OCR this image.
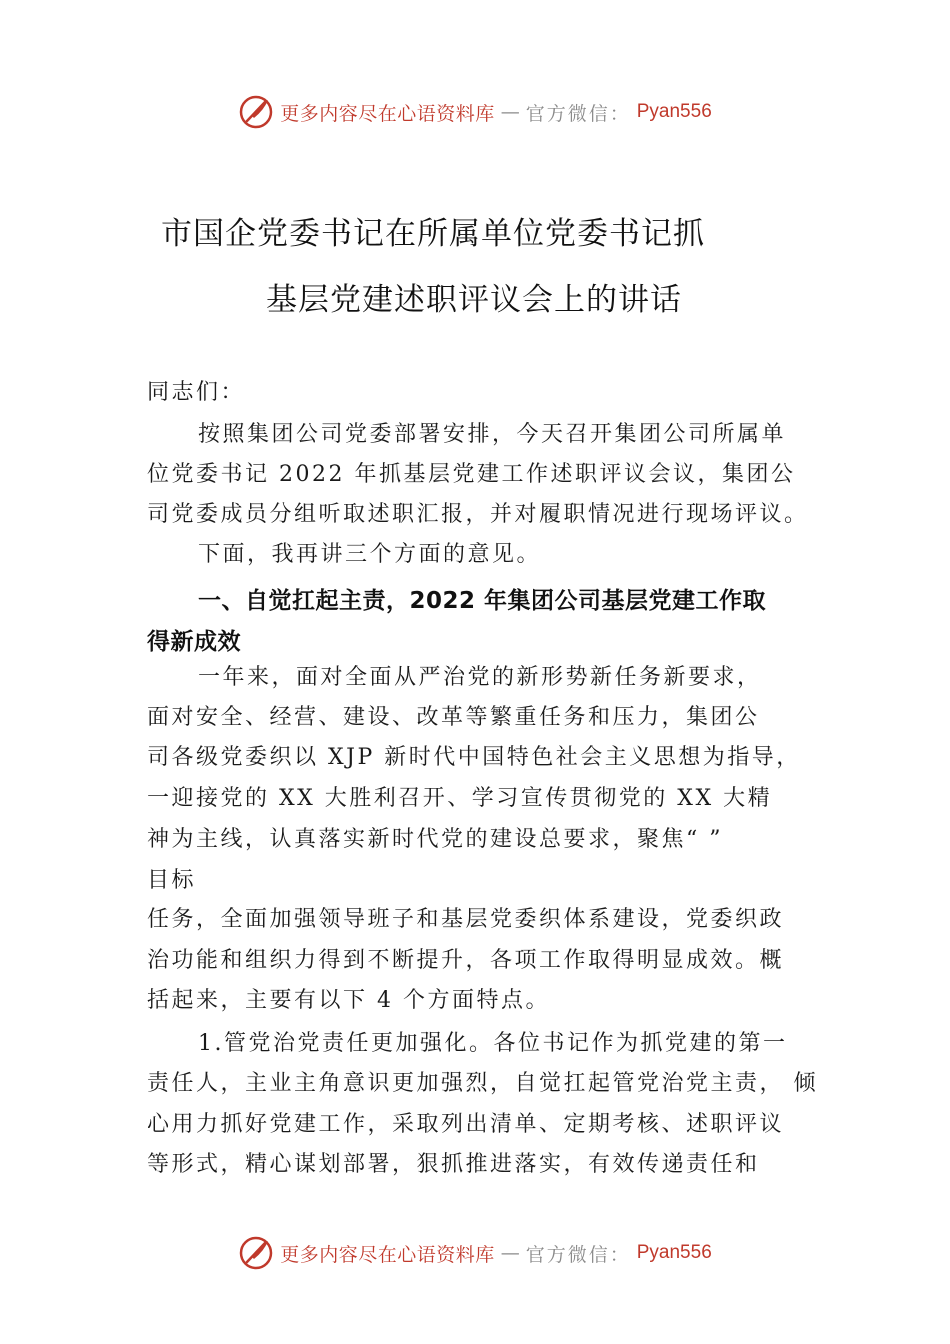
更多内容尽在心语资料库 — 官方微信： Pyan556
市国企党委书记在所属单位党委书记抓
基层党建述职评议会上的讲话
同志们：
按照集团公司党委部署安排，今天召开集团公司所属单
位党委书记 2022 年抓基层党建工作述职评议会议，集团公
司党委成员分组听取述职汇报，并对履职情况进行现场评议。
下面，我再讲三个方面的意见。
一、自觉扛起主责，2022 年集团公司基层党建工作取
得新成效
一年来，面对全面从严治党的新形势新任务新要求，
面对安全、经营、建设、改革等繁重任务和压力，集团公
司各级党委织以 XJP 新时代中国特色社会主义思想为指导，
一迎接党的 XX 大胜利召开、学习宣传贯彻党的 XX 大精
神为主线，认真落实新时代党的建设总要求，聚焦“ ”
目标
任务，全面加强领导班子和基层党委织体系建设，党委织政
治功能和组织力得到不断提升，各项工作取得明显成效。概
括起来，主要有以下 4 个方面特点。
1.管党治党责任更加强化。各位书记作为抓党建的第一
责任人，主业主角意识更加强烈，自觉扛起管党治党主责， 倾
心用力抓好党建工作，采取列出清单、定期考核、述职评议
等形式，精心谋划部署，狠抓推进落实，有效传递责任和
更多内容尽在心语资料库 — 官方微信： Pyan556
